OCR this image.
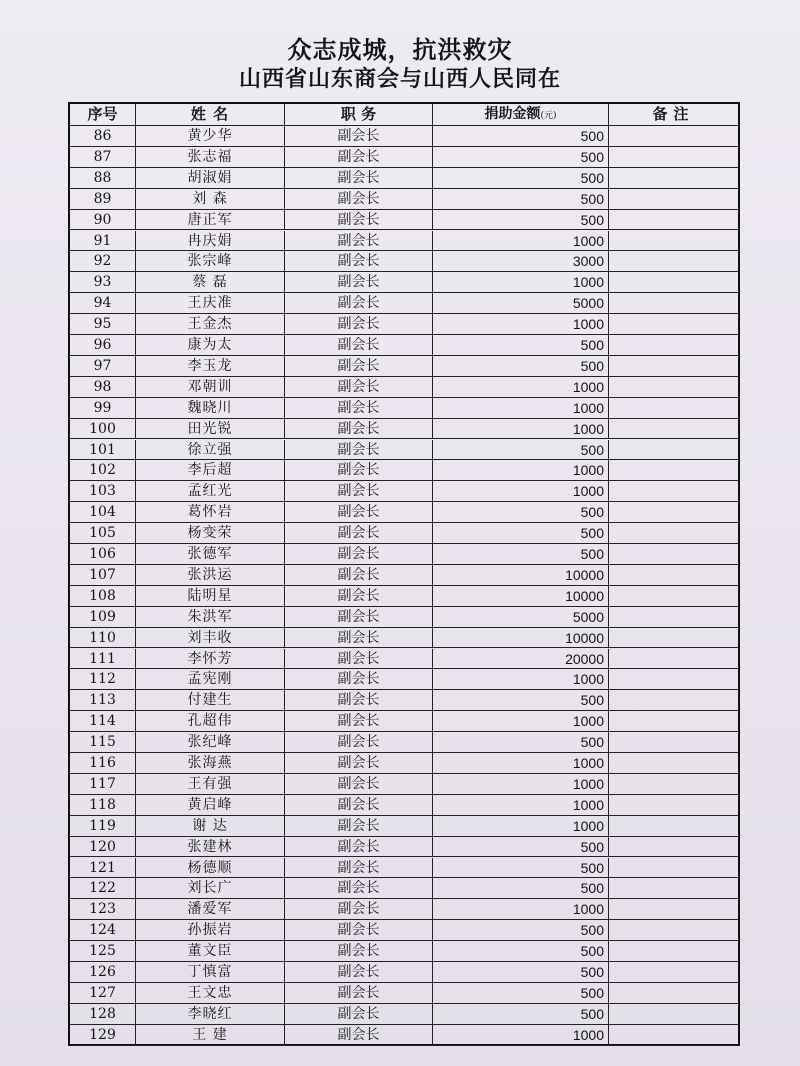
众志成城，抗洪救灾
山西省山东商会与山西人民同在
序号	姓 名	职 务	捐助金额(元)	备注
86	黄少华	副会长	500
87	张志福	副会长	500
88	胡淑娟	副会长	500
89	刘 森	副会长	500
90	唐正军	副会长	500
91	冉庆娟	副会长	1000
92	张宗峰	副会长	3000
93	蔡 磊	副会长	1000
94	王庆准	副会长	5000
95	王金杰	副会长	1000
96	康为太	副会长	500
97	李玉龙	副会长	500
98	邓朝训	副会长	1000
99	魏晓川	副会长	1000
100	田光锐	副会长	1000
101	徐立强	副会长	500
102	李后超	副会长	1000
103	孟红光	副会长	1000
104	葛怀岩	副会长	500
105	杨变荣	副会长	500
106	张德军	副会长	500
107	张洪运	副会长	10000
108	陆明星	副会长	10000
109	朱洪军	副会长	5000
110	刘丰收	副会长	10000
111	李怀芳	副会长	20000
112	孟宪刚	副会长	1000
113	付建生	副会长	500
114	孔超伟	副会长	1000
115	张纪峰	副会长	500
116	张海燕	副会长	1000
117	王有强	副会长	1000
118	黄启峰	副会长	1000
119	谢 达	副会长	1000
120	张建林	副会长	500
121	杨德顺	副会长	500
122	刘长广	副会长	500
123	潘爱军	副会长	1000
124	孙振岩	副会长	500
125	董文臣	副会长	500
126	丁慎富	副会长	500
127	王文忠	副会长	500
128	李晓红	副会长	500
129	王 建	副会长	1000
